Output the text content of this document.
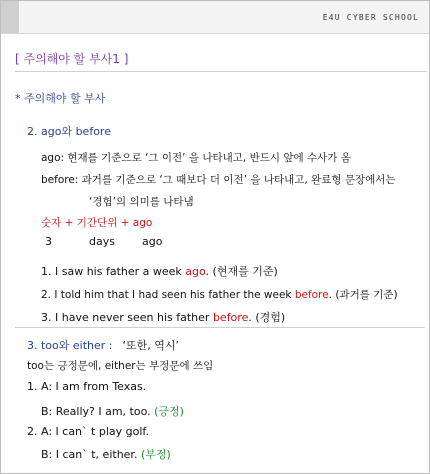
E4U CYBER SCHOOL
[ 주의해야 할 부사1 ]
* 주의해야 할 부사
2. ago와 before
ago: 현재를 기준으로 ‘그 이전’ 을 나타내고, 반드시 앞에 수사가 옴
before: 과거를 기준으로 ‘그 때보다 더 이전’ 을 나타내고, 완료형 문장에서는
‘경험’의 의미를 나타냄
숫자 + 기간단위 + ago
3	days ago
1. I saw his father a week ago. (현재를 기준)
2. I told him that I had seen his father the week before. (과거를 기준)
3. I have never seen his father before. (경험)
3. too와 either : ‘또한, 역시’
too는 긍정문에, either는 부정문에 쓰임
1. A: I am from Texas.
B: Really? I am, too. (긍정)
2. A: I can` t play golf.
B: I can` t, either. (부정)
